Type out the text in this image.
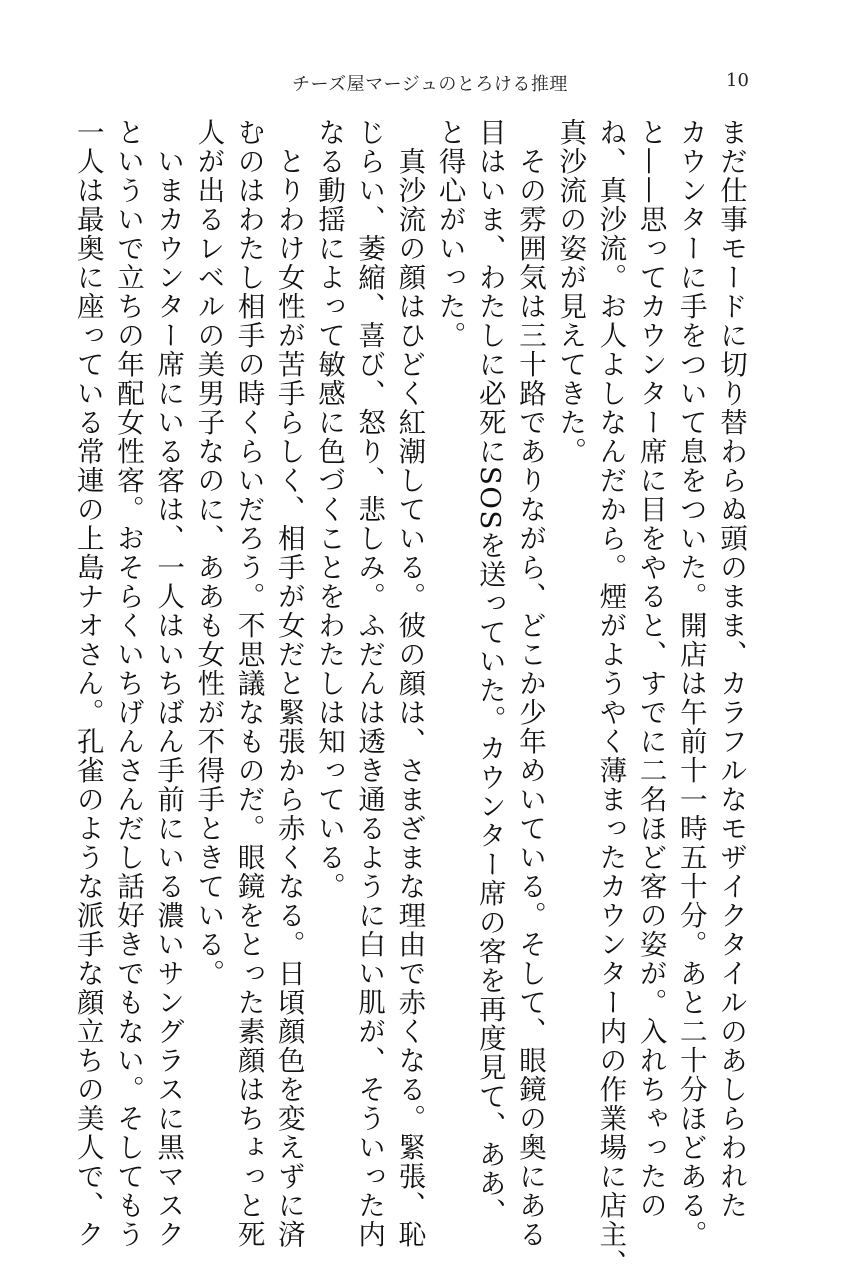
チーズ屋マージュのとろける推理	10
まだ仕事モードに切り替わらぬ頭のまま、カラフルなモザイクタイルのあしらわれた
カウンターに手をついて息をついた。開店は午前十一時五十分。あと二十分ほどある。
と——思ってカウンター席に目をやると、すでに二名ほど客の姿が。入れちゃったの
ね、真沙流。お人よしなんだから。煙がようやく薄まったカウンター内の作業場に店主、
真沙流の姿が見えてきた。
　その雰囲気は三十路でありながら、どこか少年めいている。そして、眼鏡の奥にある
目はいま、わたしに必死にSOSを送っていた。カウンター席の客を再度見て、ああ、
と得心がいった。
　真沙流の顔はひどく紅潮している。彼の顔は、さまざまな理由で赤くなる。緊張、恥
じらい、萎縮、喜び、怒り、悲しみ。ふだんは透き通るように白い肌が、そういった内
なる動揺によって敏感に色づくことをわたしは知っている。
　とりわけ女性が苦手らしく、相手が女だと緊張から赤くなる。日頃顔色を変えずに済
むのはわたし相手の時くらいだろう。不思議なものだ。眼鏡をとった素顔はちょっと死
人が出るレベルの美男子なのに、ああも女性が不得手ときている。
　いまカウンター席にいる客は、一人はいちばん手前にいる濃いサングラスに黒マスク
といういで立ちの年配女性客。おそらくいちげんさんだし話好きでもない。そしてもう
一人は最奥に座っている常連の上島ナオさん。孔雀のような派手な顔立ちの美人で、ク
